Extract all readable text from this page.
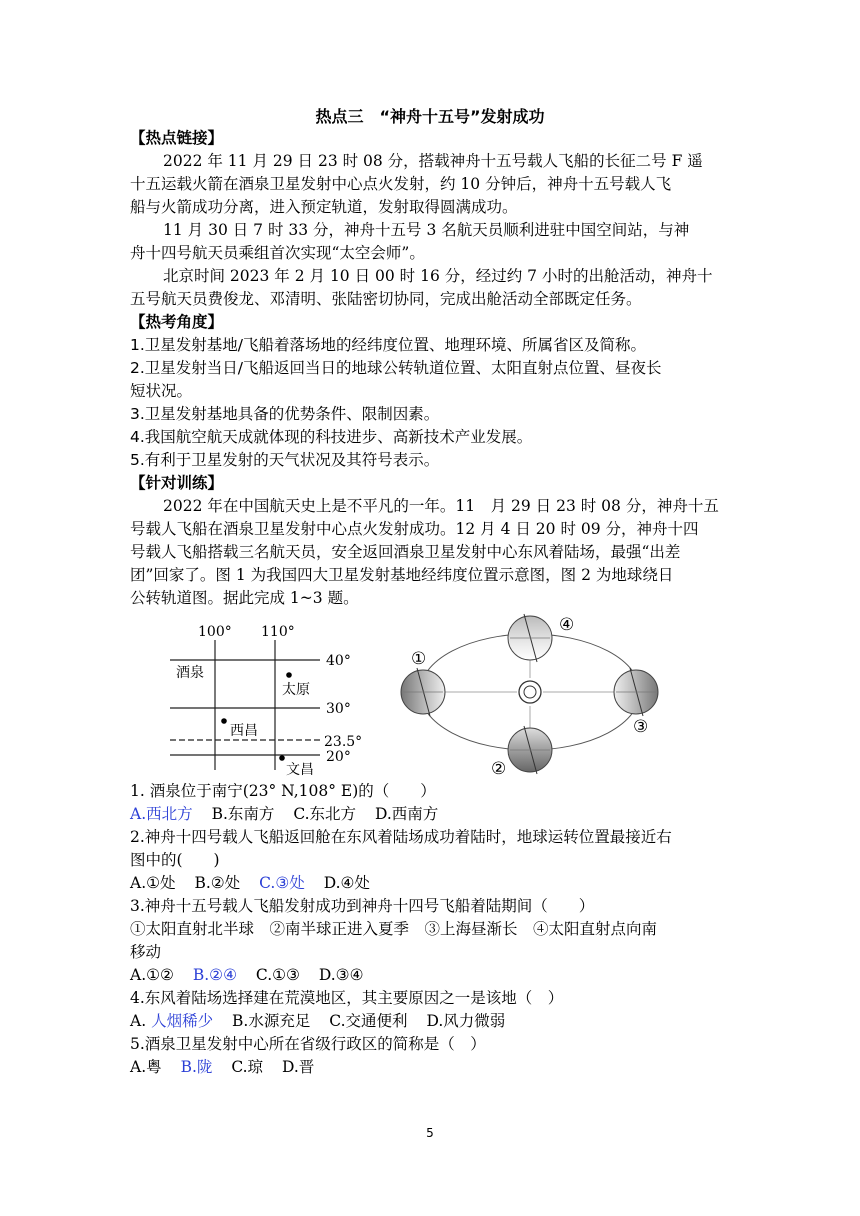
热点三　“神舟十五号”发射成功
【热点链接】
2022 年 11 月 29 日 23 时 08 分，搭载神舟十五号载人飞船的长征二号 F 遥
十五运载火箭在酒泉卫星发射中心点火发射，约 10 分钟后，神舟十五号载人飞
船与火箭成功分离，进入预定轨道，发射取得圆满成功。
11 月 30 日 7 时 33 分，神舟十五号 3 名航天员顺利进驻中国空间站，与神
舟十四号航天员乘组首次实现“太空会师”。
北京时间 2023 年 2 月 10 日 00 时 16 分，经过约 7 小时的出舱活动，神舟十
五号航天员费俊龙、邓清明、张陆密切协同，完成出舱活动全部既定任务。
【热考角度】
1.卫星发射基地/飞船着落场地的经纬度位置、地理环境、所属省区及简称。
2.卫星发射当日/飞船返回当日的地球公转轨道位置、太阳直射点位置、昼夜长
短状况。
3.卫星发射基地具备的优势条件、限制因素。
4.我国航空航天成就体现的科技进步、高新技术产业发展。
5.有利于卫星发射的天气状况及其符号表示。
【针对训练】
2022 年在中国航天史上是不平凡的一年。11　月 29 日 23 时 08 分，神舟十五
号载人飞船在酒泉卫星发射中心点火发射成功。12 月 4 日 20 时 09 分，神舟十四
号载人飞船搭载三名航天员，安全返回酒泉卫星发射中心东风着陆场，最强“出差
团”回家了。图 1 为我国四大卫星发射基地经纬度位置示意图，图 2 为地球绕日
公转轨道图。据此完成 1~3 题。
100° 110°
40°
30°
23.5°
20°
酒泉
太原
西昌
文昌
①
②
③
④
1. 酒泉位于南宁(23° N,108° E)的（　　）
A.西北方 B.东南方 C.东北方 D.西南方
2.神舟十四号载人飞船返回舱在东风着陆场成功着陆时，地球运转位置最接近右
图中的(　　)
A.①处 B.②处 C.③处 D.④处
3.神舟十五号载人飞船发射成功到神舟十四号飞船着陆期间（　　）
①太阳直射北半球　②南半球正进入夏季　③上海昼渐长　④太阳直射点向南
移动
A.①② B.②④ C.①③ D.③④
4.东风着陆场选择建在荒漠地区，其主要原因之一是该地（　）
A. 人烟稀少 B.水源充足 C.交通便利 D.风力微弱
5.酒泉卫星发射中心所在省级行政区的简称是（　）
A.粤 B.陇 C.琼 D.晋
5
